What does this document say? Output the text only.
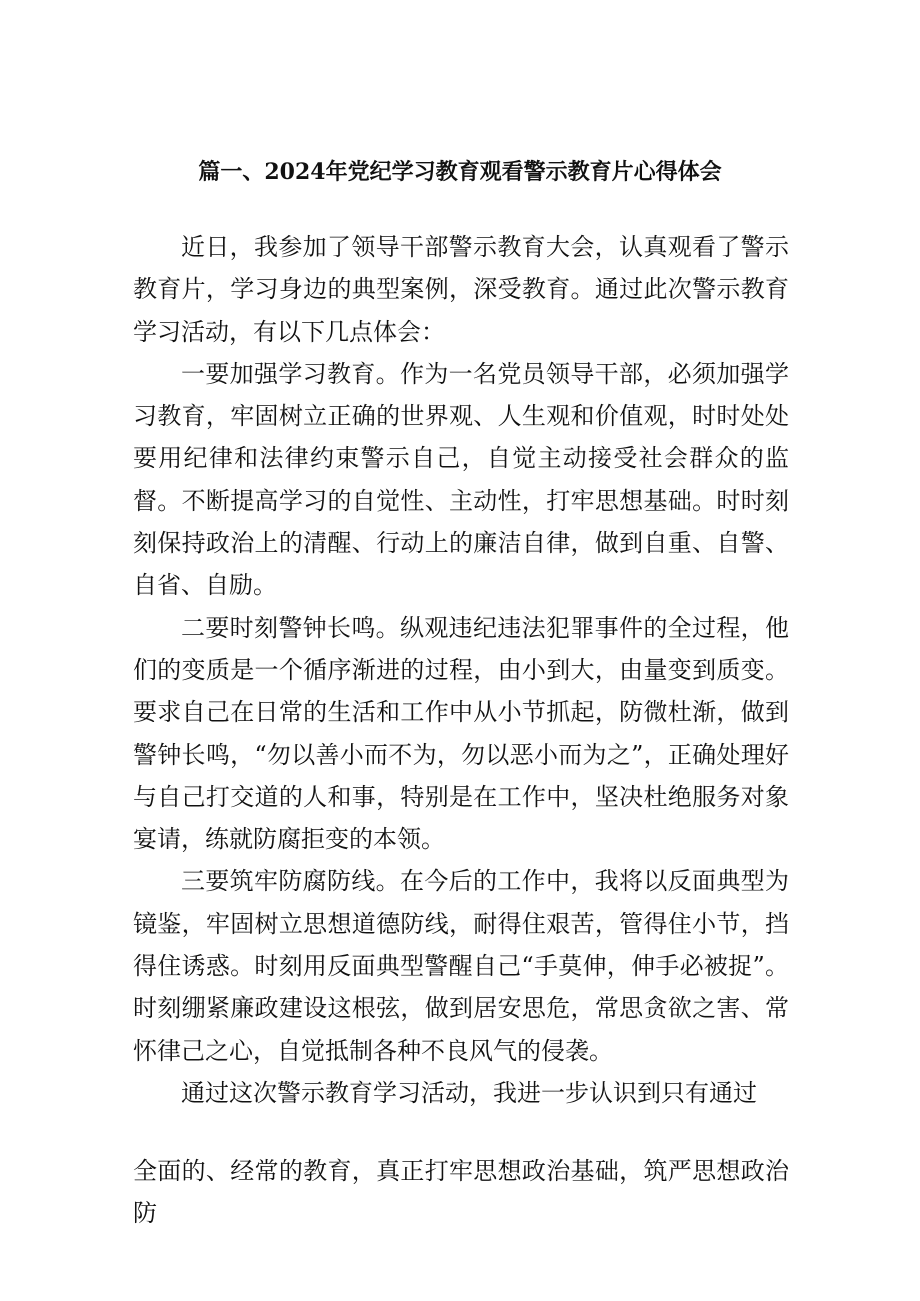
篇一、2024年党纪学习教育观看警示教育片心得体会

近日，我参加了领导干部警示教育大会，认真观看了警示教育片，学习身边的典型案例，深受教育。通过此次警示教育学习活动，有以下几点体会：

一要加强学习教育。作为一名党员领导干部，必须加强学习教育，牢固树立正确的世界观、人生观和价值观，时时处处要用纪律和法律约束警示自己，自觉主动接受社会群众的监督。不断提高学习的自觉性、主动性，打牢思想基础。时时刻刻保持政治上的清醒、行动上的廉洁自律，做到自重、自警、自省、自励。

二要时刻警钟长鸣。纵观违纪违法犯罪事件的全过程，他们的变质是一个循序渐进的过程，由小到大，由量变到质变。要求自己在日常的生活和工作中从小节抓起，防微杜渐，做到警钟长鸣，“勿以善小而不为，勿以恶小而为之”，正确处理好与自己打交道的人和事，特别是在工作中，坚决杜绝服务对象宴请，练就防腐拒变的本领。

三要筑牢防腐防线。在今后的工作中，我将以反面典型为镜鉴，牢固树立思想道德防线，耐得住艰苦，管得住小节，挡得住诱惑。时刻用反面典型警醒自己“手莫伸，伸手必被捉”。时刻绷紧廉政建设这根弦，做到居安思危，常思贪欲之害、常怀律己之心，自觉抵制各种不良风气的侵袭。

通过这次警示教育学习活动，我进一步认识到只有通过

全面的、经常的教育，真正打牢思想政治基础，筑严思想政治防
